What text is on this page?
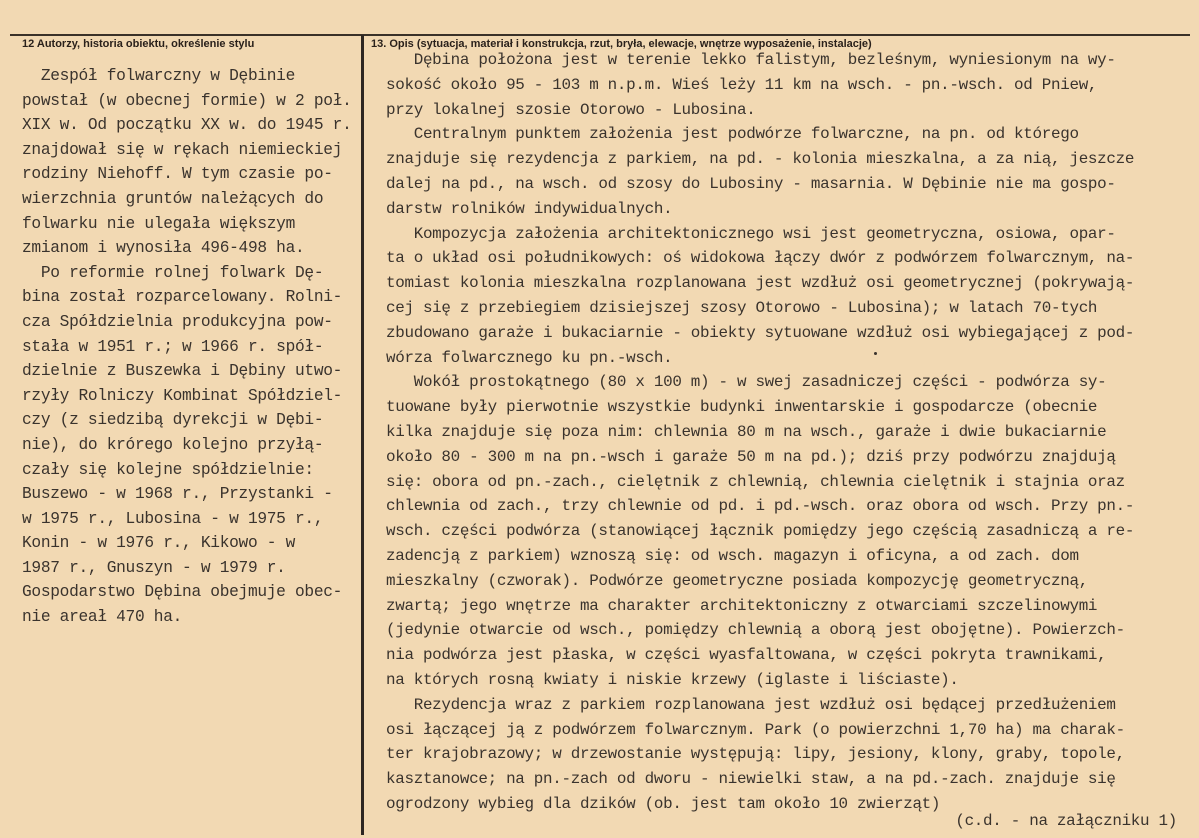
12 Autorzy, historia obiektu, określenie stylu	13. Opis (sytuacja, materiał i konstrukcja, rzut, bryła, elewacje, wnętrze wyposażenie, instalacje)
Zespół folwarczny w Dębinie
powstał (w obecnej formie) w 2 poł.
XIX w. Od początku XX w. do 1945 r.
znajdował się w rękach niemieckiej
rodziny Niehoff. W tym czasie po-
wierzchnia gruntów należących do
folwarku nie ulegała większym
zmianom i wynosiła 496-498 ha.
Po reformie rolnej folwark Dę-
bina został rozparcelowany. Rolni-
cza Spółdzielnia produkcyjna pow-
stała w 1951 r.; w 1966 r. spół-
dzielnie z Buszewka i Dębiny utwo-
rzyły Rolniczy Kombinat Spółdziel-
czy (z siedzibą dyrekcji w Dębi-
nie), do krórego kolejno przyłą-
czały się kolejne spółdzielnie:
Buszewo - w 1968 r., Przystanki -
w 1975 r., Lubosina - w 1975 r.,
Konin - w 1976 r., Kikowo - w
1987 r., Gnuszyn - w 1979 r.
Gospodarstwo Dębina obejmuje obec-
nie areał 470 ha.
Dębina położona jest w terenie lekko falistym, bezleśnym, wyniesionym na wy-
sokość około 95 - 103 m n.p.m. Wieś leży 11 km na wsch. - pn.-wsch. od Pniew,
przy lokalnej szosie Otorowo - Lubosina.
Centralnym punktem założenia jest podwórze folwarczne, na pn. od którego
znajduje się rezydencja z parkiem, na pd. - kolonia mieszkalna, a za nią, jeszcze
dalej na pd., na wsch. od szosy do Lubosiny - masarnia. W Dębinie nie ma gospo-
darstw rolników indywidualnych.
Kompozycja założenia architektonicznego wsi jest geometryczna, osiowa, opar-
ta o układ osi południkowych: oś widokowa łączy dwór z podwórzem folwarcznym, na-
tomiast kolonia mieszkalna rozplanowana jest wzdłuż osi geometrycznej (pokrywają-
cej się z przebiegiem dzisiejszej szosy Otorowo - Lubosina); w latach 70-tych
zbudowano garaże i bukaciarnie - obiekty sytuowane wzdłuż osi wybiegającej z pod-
wórza folwarcznego ku pn.-wsch.
Wokół prostokątnego (80 x 100 m) - w swej zasadniczej części - podwórza sy-
tuowane były pierwotnie wszystkie budynki inwentarskie i gospodarcze (obecnie
kilka znajduje się poza nim: chlewnia 80 m na wsch., garaże i dwie bukaciarnie
około 80 - 300 m na pn.-wsch i garaże 50 m na pd.); dziś przy podwórzu znajdują
się: obora od pn.-zach., cielętnik z chlewnią, chlewnia cielętnik i stajnia oraz
chlewnia od zach., trzy chlewnie od pd. i pd.-wsch. oraz obora od wsch. Przy pn.-
wsch. części podwórza (stanowiącej łącznik pomiędzy jego częścią zasadniczą a re-
zadencją z parkiem) wznoszą się: od wsch. magazyn i oficyna, a od zach. dom
mieszkalny (czworak). Podwórze geometryczne posiada kompozycję geometryczną,
zwartą; jego wnętrze ma charakter architektoniczny z otwarciami szczelinowymi
(jedynie otwarcie od wsch., pomiędzy chlewnią a oborą jest obojętne). Powierzch-
nia podwórza jest płaska, w części wyasfaltowana, w części pokryta trawnikami,
na których rosną kwiaty i niskie krzewy (iglaste i liściaste).
Rezydencja wraz z parkiem rozplanowana jest wzdłuż osi będącej przedłużeniem
osi łączącej ją z podwórzem folwarcznym. Park (o powierzchni 1,70 ha) ma charak-
ter krajobrazowy; w drzewostanie występują: lipy, jesiony, klony, graby, topole,
kasztanowce; na pn.-zach od dworu - niewielki staw, a na pd.-zach. znajduje się
ogrodzony wybieg dla dzików (ob. jest tam około 10 zwierząt)
(c.d. - na załączniku 1)
